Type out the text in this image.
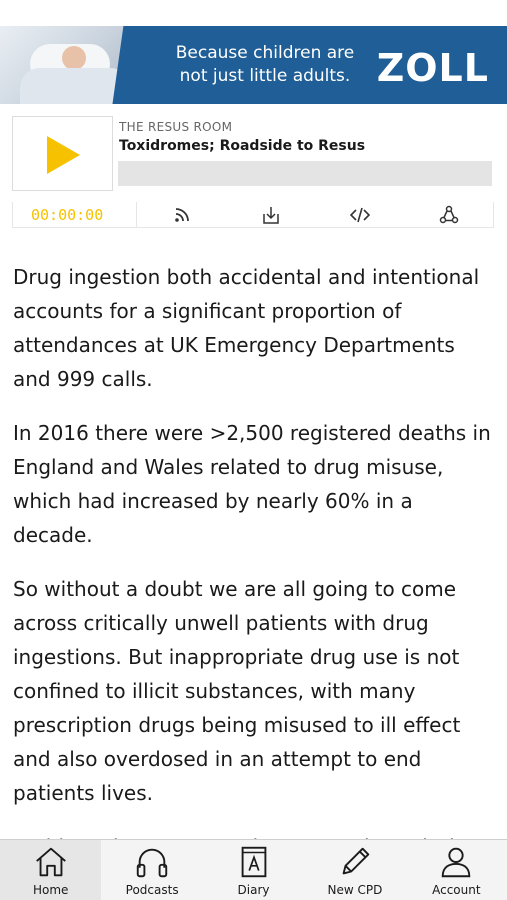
Because children are
not just little adults. ZOLL
THE RESUS ROOM
Toxidromes; Roadside to Resus
00:00:00

Drug ingestion both accidental and intentional accounts for a significant proportion of attendances at UK Emergency Departments and 999 calls.

In 2016 there were >2,500 registered deaths in England and Wales related to drug misuse, which had increased by nearly 60% in a decade.

So without a doubt we are all going to come across critically unwell patients with drug ingestions. But inappropriate drug use is not confined to illicit substances, with many prescription drugs being misused to ill effect and also overdosed in an attempt to end patients lives.

Home	Podcasts	Diary	New CPD	Account
